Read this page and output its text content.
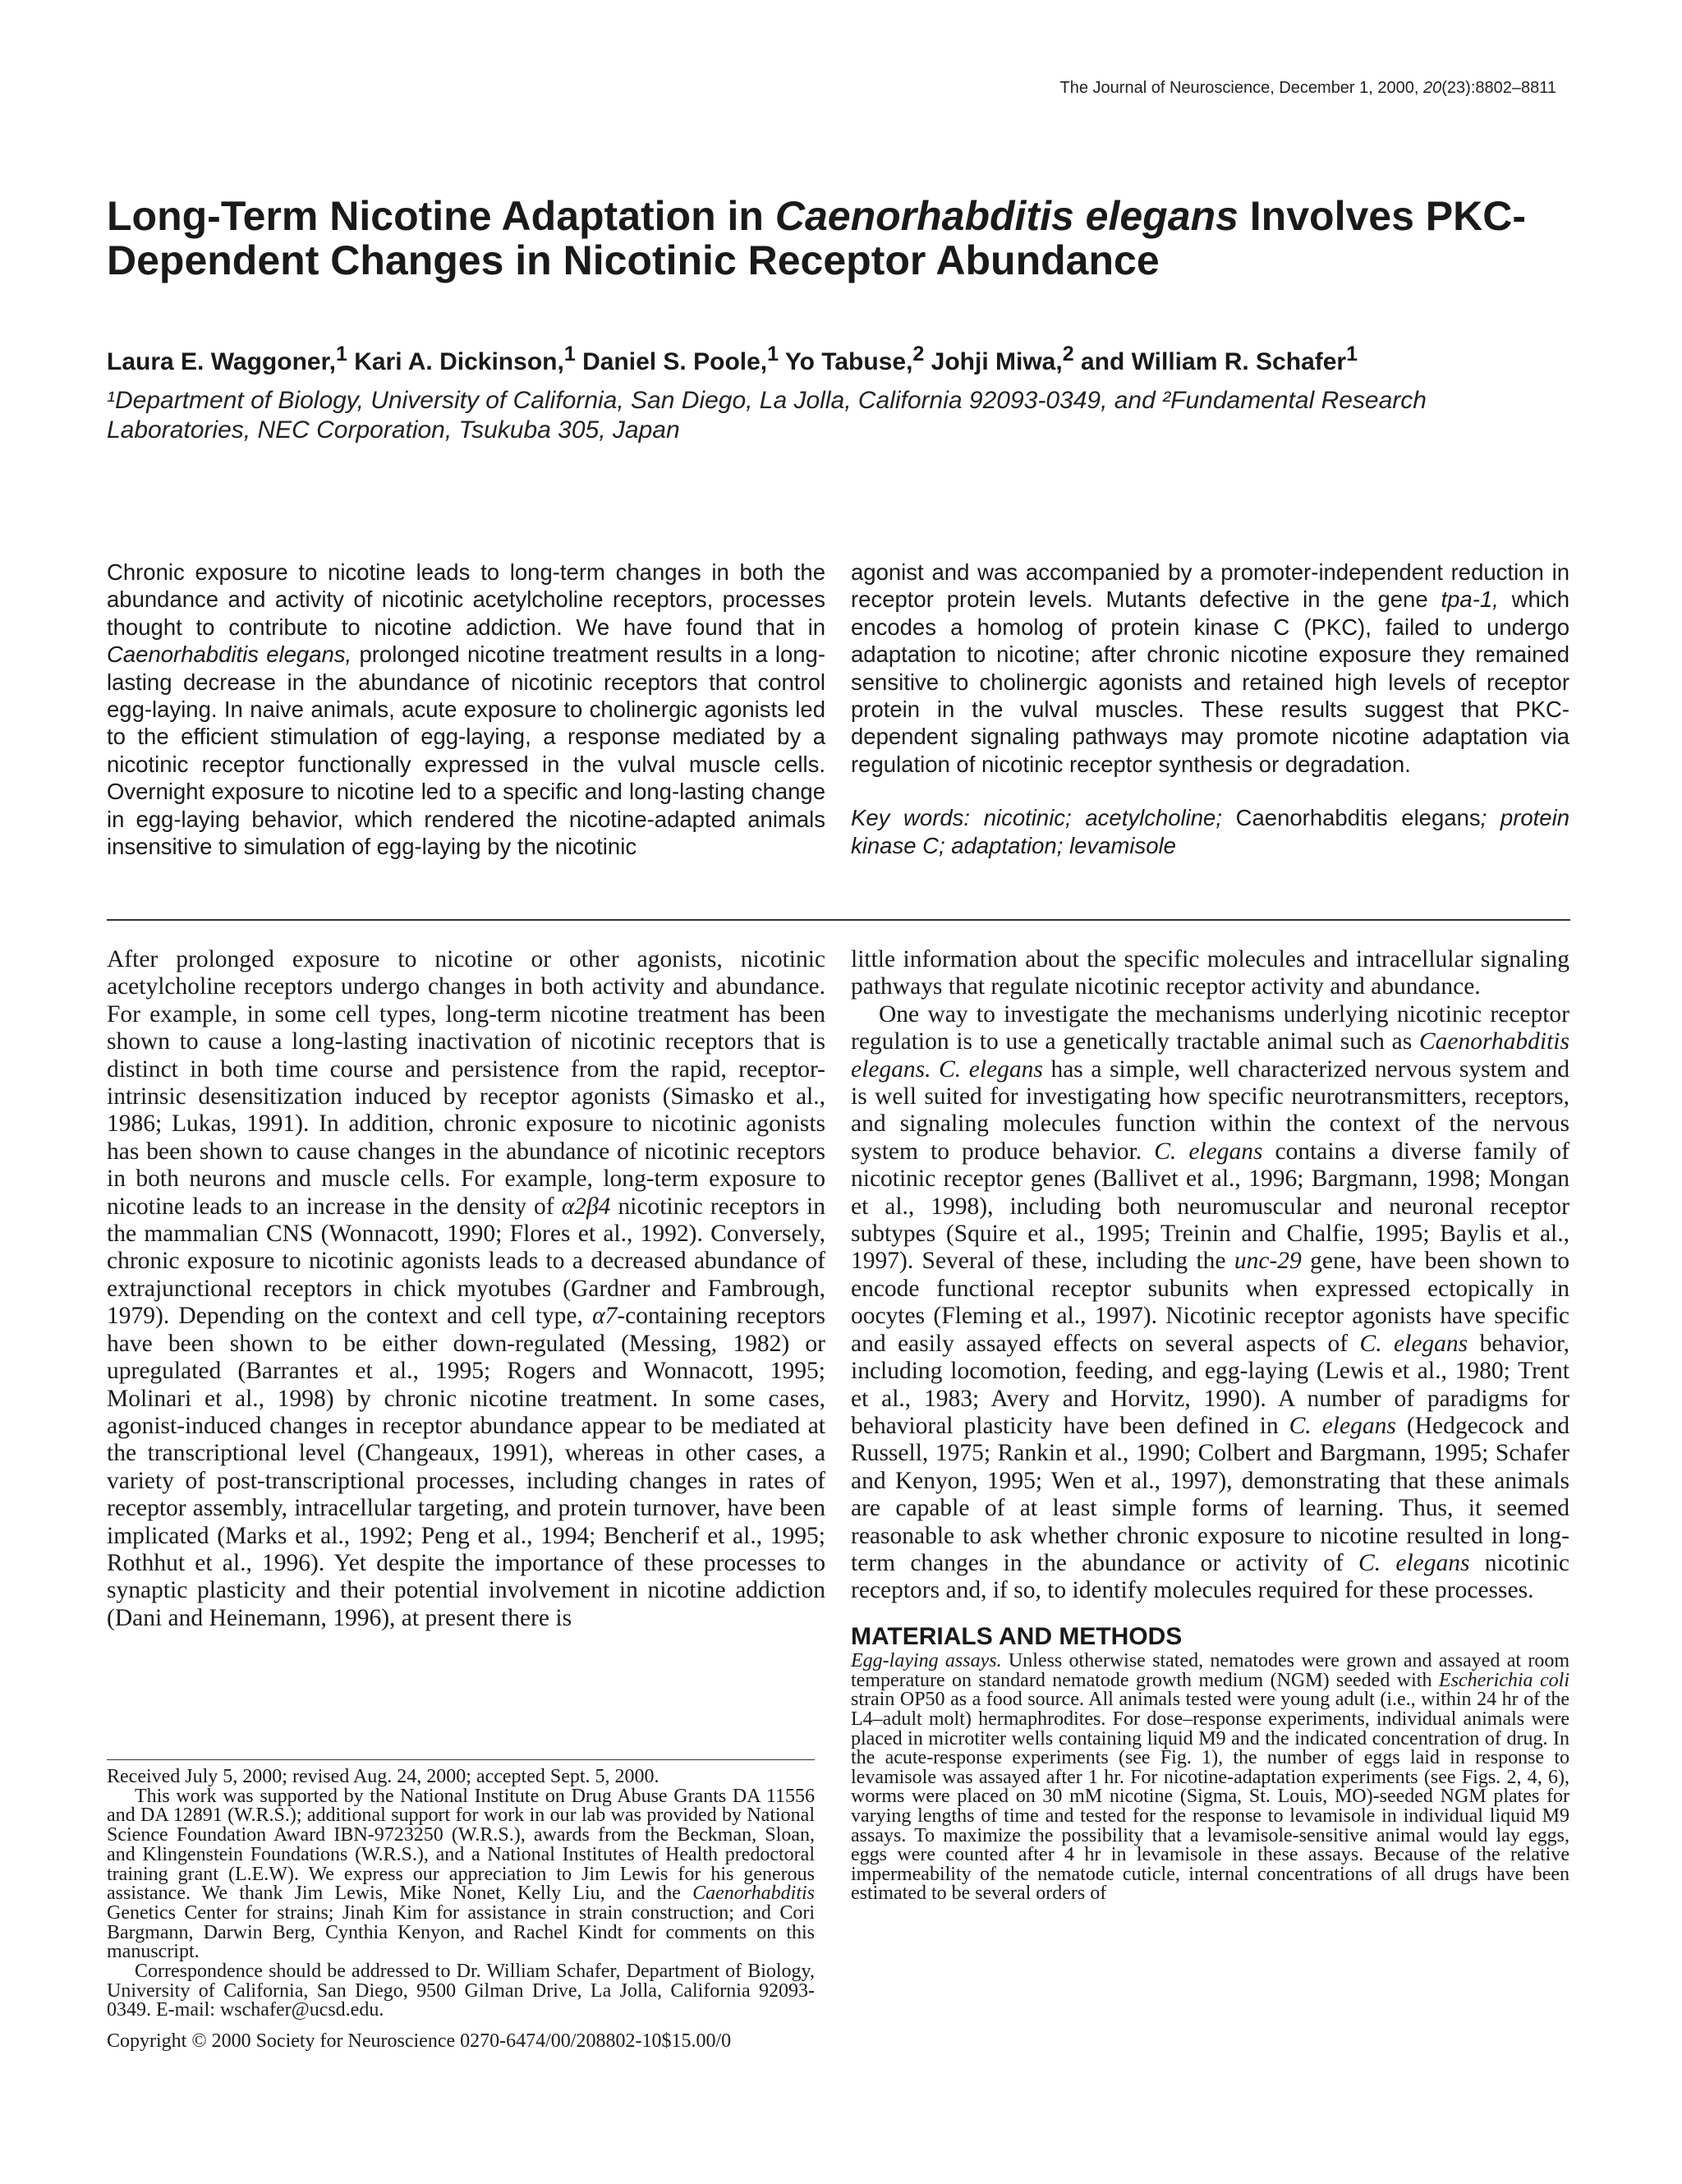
The Journal of Neuroscience, December 1, 2000, 20(23):8802–8811
Long-Term Nicotine Adaptation in Caenorhabditis elegans Involves PKC-Dependent Changes in Nicotinic Receptor Abundance
Laura E. Waggoner,$^1$ Kari A. Dickinson,$^1$ Daniel S. Poole,$^1$ Yo Tabuse,$^2$ Johji Miwa,$^2$ and William R. Schafer$^1$
¹Department of Biology, University of California, San Diego, La Jolla, California 92093-0349, and ²Fundamental Research Laboratories, NEC Corporation, Tsukuba 305, Japan
Chronic exposure to nicotine leads to long-term changes in both the abundance and activity of nicotinic acetylcholine receptors, processes thought to contribute to nicotine addiction. We have found that in Caenorhabditis elegans, prolonged nicotine treatment results in a long-lasting decrease in the abundance of nicotinic receptors that control egg-laying. In naive animals, acute exposure to cholinergic agonists led to the efficient stimulation of egg-laying, a response mediated by a nicotinic receptor functionally expressed in the vulval muscle cells. Overnight exposure to nicotine led to a specific and long-lasting change in egg-laying behavior, which rendered the nicotine-adapted animals insensitive to simulation of egg-laying by the nicotinic
agonist and was accompanied by a promoter-independent reduction in receptor protein levels. Mutants defective in the gene tpa-1, which encodes a homolog of protein kinase C (PKC), failed to undergo adaptation to nicotine; after chronic nicotine exposure they remained sensitive to cholinergic agonists and retained high levels of receptor protein in the vulval muscles. These results suggest that PKC-dependent signaling pathways may promote nicotine adaptation via regulation of nicotinic receptor synthesis or degradation.
Key words: nicotinic; acetylcholine; Caenorhabditis elegans; protein kinase C; adaptation; levamisole

After prolonged exposure to nicotine or other agonists, nicotinic acetylcholine receptors undergo changes in both activity and abundance. For example, in some cell types, long-term nicotine treatment has been shown to cause a long-lasting inactivation of nicotinic receptors that is distinct in both time course and persistence from the rapid, receptor-intrinsic desensitization induced by receptor agonists (Simasko et al., 1986; Lukas, 1991). In addition, chronic exposure to nicotinic agonists has been shown to cause changes in the abundance of nicotinic receptors in both neurons and muscle cells. For example, long-term exposure to nicotine leads to an increase in the density of α2β4 nicotinic receptors in the mammalian CNS (Wonnacott, 1990; Flores et al., 1992). Conversely, chronic exposure to nicotinic agonists leads to a decreased abundance of extrajunctional receptors in chick myotubes (Gardner and Fambrough, 1979). Depending on the context and cell type, α7-containing receptors have been shown to be either down-regulated (Messing, 1982) or upregulated (Barrantes et al., 1995; Rogers and Wonnacott, 1995; Molinari et al., 1998) by chronic nicotine treatment. In some cases, agonist-induced changes in receptor abundance appear to be mediated at the transcriptional level (Changeaux, 1991), whereas in other cases, a variety of post-transcriptional processes, including changes in rates of receptor assembly, intracellular targeting, and protein turnover, have been implicated (Marks et al., 1992; Peng et al., 1994; Bencherif et al., 1995; Rothhut et al., 1996). Yet despite the importance of these processes to synaptic plasticity and their potential involvement in nicotine addiction (Dani and Heinemann, 1996), at present there is

little information about the specific molecules and intracellular signaling pathways that regulate nicotinic receptor activity and abundance.

One way to investigate the mechanisms underlying nicotinic receptor regulation is to use a genetically tractable animal such as Caenorhabditis elegans. C. elegans has a simple, well characterized nervous system and is well suited for investigating how specific neurotransmitters, receptors, and signaling molecules function within the context of the nervous system to produce behavior. C. elegans contains a diverse family of nicotinic receptor genes (Ballivet et al., 1996; Bargmann, 1998; Mongan et al., 1998), including both neuromuscular and neuronal receptor subtypes (Squire et al., 1995; Treinin and Chalfie, 1995; Baylis et al., 1997). Several of these, including the unc-29 gene, have been shown to encode functional receptor subunits when expressed ectopically in oocytes (Fleming et al., 1997). Nicotinic receptor agonists have specific and easily assayed effects on several aspects of C. elegans behavior, including locomotion, feeding, and egg-laying (Lewis et al., 1980; Trent et al., 1983; Avery and Horvitz, 1990). A number of paradigms for behavioral plasticity have been defined in C. elegans (Hedgecock and Russell, 1975; Rankin et al., 1990; Colbert and Bargmann, 1995; Schafer and Kenyon, 1995; Wen et al., 1997), demonstrating that these animals are capable of at least simple forms of learning. Thus, it seemed reasonable to ask whether chronic exposure to nicotine resulted in long-term changes in the abundance or activity of C. elegans nicotinic receptors and, if so, to identify molecules required for these processes.

MATERIALS AND METHODS

Egg-laying assays. Unless otherwise stated, nematodes were grown and assayed at room temperature on standard nematode growth medium (NGM) seeded with Escherichia coli strain OP50 as a food source. All animals tested were young adult (i.e., within 24 hr of the L4–adult molt) hermaphrodites. For dose–response experiments, individual animals were placed in microtiter wells containing liquid M9 and the indicated concentration of drug. In the acute-response experiments (see Fig. 1), the number of eggs laid in response to levamisole was assayed after 1 hr. For nicotine-adaptation experiments (see Figs. 2, 4, 6), worms were placed on 30 mM nicotine (Sigma, St. Louis, MO)-seeded NGM plates for varying lengths of time and tested for the response to levamisole in individual liquid M9 assays. To maximize the possibility that a levamisole-sensitive animal would lay eggs, eggs were counted after 4 hr in levamisole in these assays. Because of the relative impermeability of the nematode cuticle, internal concentrations of all drugs have been estimated to be several orders of

Received July 5, 2000; revised Aug. 24, 2000; accepted Sept. 5, 2000.

This work was supported by the National Institute on Drug Abuse Grants DA 11556 and DA 12891 (W.R.S.); additional support for work in our lab was provided by National Science Foundation Award IBN-9723250 (W.R.S.), awards from the Beckman, Sloan, and Klingenstein Foundations (W.R.S.), and a National Institutes of Health predoctoral training grant (L.E.W). We express our appreciation to Jim Lewis for his generous assistance. We thank Jim Lewis, Mike Nonet, Kelly Liu, and the Caenorhabditis Genetics Center for strains; Jinah Kim for assistance in strain construction; and Cori Bargmann, Darwin Berg, Cynthia Kenyon, and Rachel Kindt for comments on this manuscript.

Correspondence should be addressed to Dr. William Schafer, Department of Biology, University of California, San Diego, 9500 Gilman Drive, La Jolla, California 92093-0349. E-mail: wschafer@ucsd.edu.

Copyright © 2000 Society for Neuroscience 0270-6474/00/208802-10$15.00/0
